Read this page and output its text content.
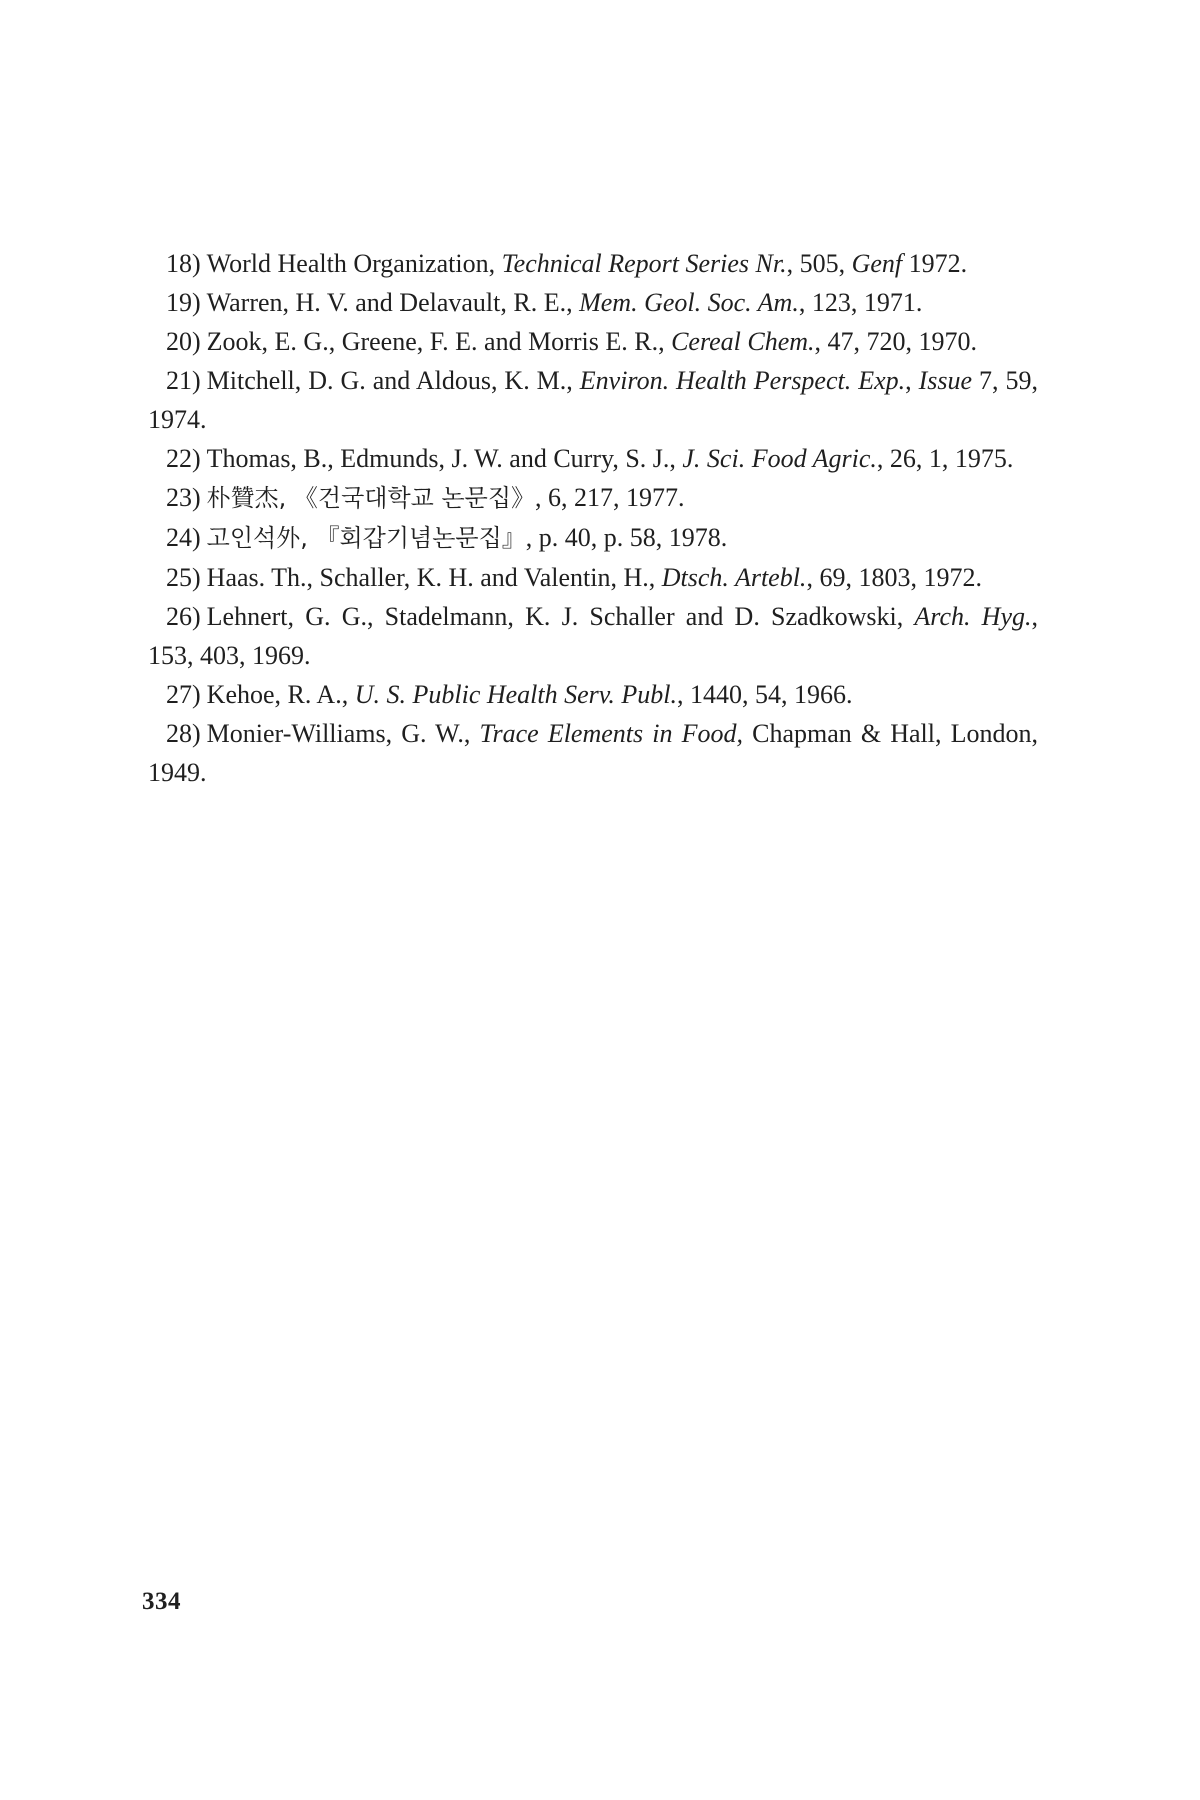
18) World Health Organization, Technical Report Series Nr., 505, Genf 1972.
19) Warren, H. V. and Delavault, R. E., Mem. Geol. Soc. Am., 123, 1971.
20) Zook, E. G., Greene, F. E. and Morris E. R., Cereal Chem., 47, 720, 1970.
21) Mitchell, D. G. and Aldous, K. M., Environ. Health Perspect. Exp., Issue 7, 59, 1974.
22) Thomas, B., Edmunds, J. W. and Curry, S. J., J. Sci. Food Agric., 26, 1, 1975.
23) 朴贊杰, 《건국대학교 논문집》, 6, 217, 1977.
24) 고인석外, 『회갑기념논문집』, p. 40, p. 58, 1978.
25) Haas. Th., Schaller, K. H. and Valentin, H., Dtsch. Artebl., 69, 1803, 1972.
26) Lehnert, G. G., Stadelmann, K. J. Schaller and D. Szadkowski, Arch. Hyg., 153, 403, 1969.
27) Kehoe, R. A., U. S. Public Health Serv. Publ., 1440, 54, 1966.
28) Monier-Williams, G. W., Trace Elements in Food, Chapman & Hall, London, 1949.
334
